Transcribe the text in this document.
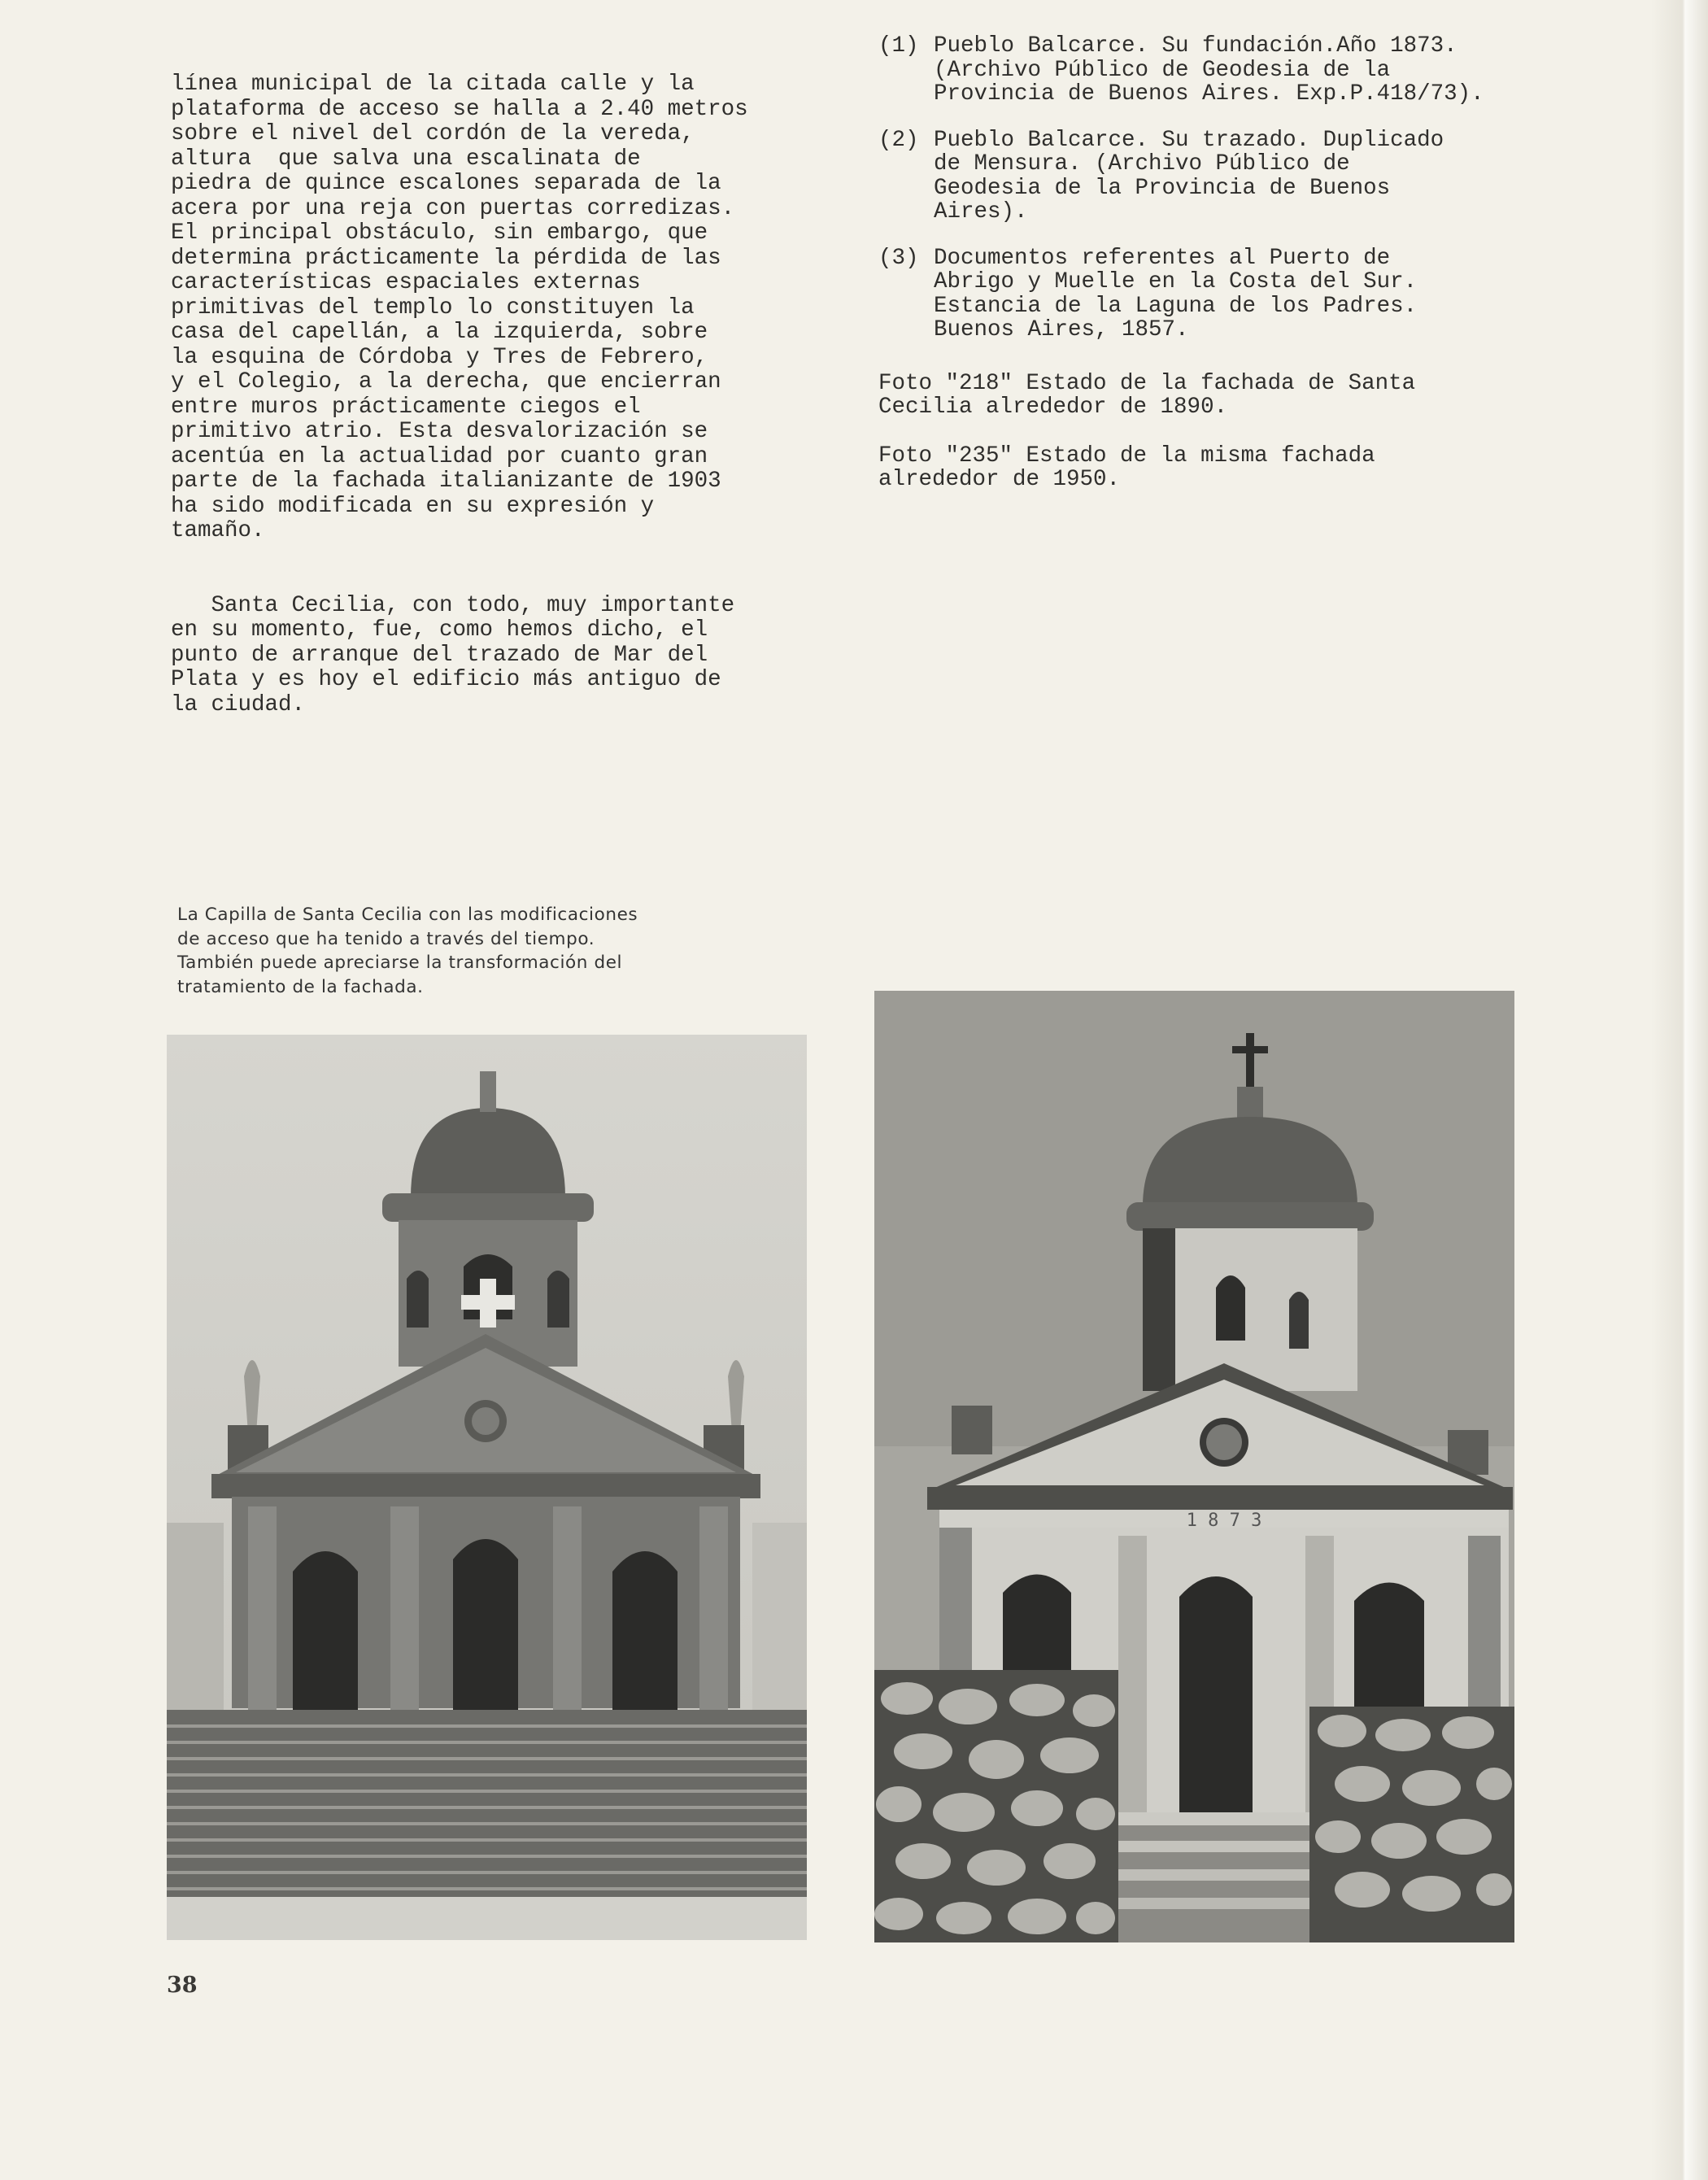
línea municipal de la citada calle y la
plataforma de acceso se halla a 2.40 metros
sobre el nivel del cordón de la vereda,
altura  que salva una escalinata de
piedra de quince escalones separada de la
acera por una reja con puertas corredizas.
El principal obstáculo, sin embargo, que
determina prácticamente la pérdida de las
características espaciales externas
primitivas del templo lo constituyen la
casa del capellán, a la izquierda, sobre
la esquina de Córdoba y Tres de Febrero,
y el Colegio, a la derecha, que encierran
entre muros prácticamente ciegos el
primitivo atrio. Esta desvalorización se
acentúa en la actualidad por cuanto gran
parte de la fachada italianizante de 1903
ha sido modificada en su expresión y
tamaño.

Santa Cecilia, con todo, muy importante
en su momento, fue, como hemos dicho, el
punto de arranque del trazado de Mar del
Plata y es hoy el edificio más antiguo de
la ciudad.

(1) Pueblo Balcarce. Su fundación.Año 1873.
(Archivo Público de Geodesia de la
Provincia de Buenos Aires. Exp.P.418/73).
(2) Pueblo Balcarce. Su trazado. Duplicado
de Mensura. (Archivo Público de
Geodesia de la Provincia de Buenos
Aires).
(3) Documentos referentes al Puerto de
Abrigo y Muelle en la Costa del Sur.
Estancia de la Laguna de los Padres.
Buenos Aires, 1857.
Foto "218" Estado de la fachada de Santa
Cecilia alrededor de 1890.
Foto "235" Estado de la misma fachada
alrededor de 1950.
La Capilla de Santa Cecilia con las modificaciones
de acceso que ha tenido a través del tiempo.
También puede apreciarse la transformación del
tratamiento de la fachada.
1 8 7 3
38
